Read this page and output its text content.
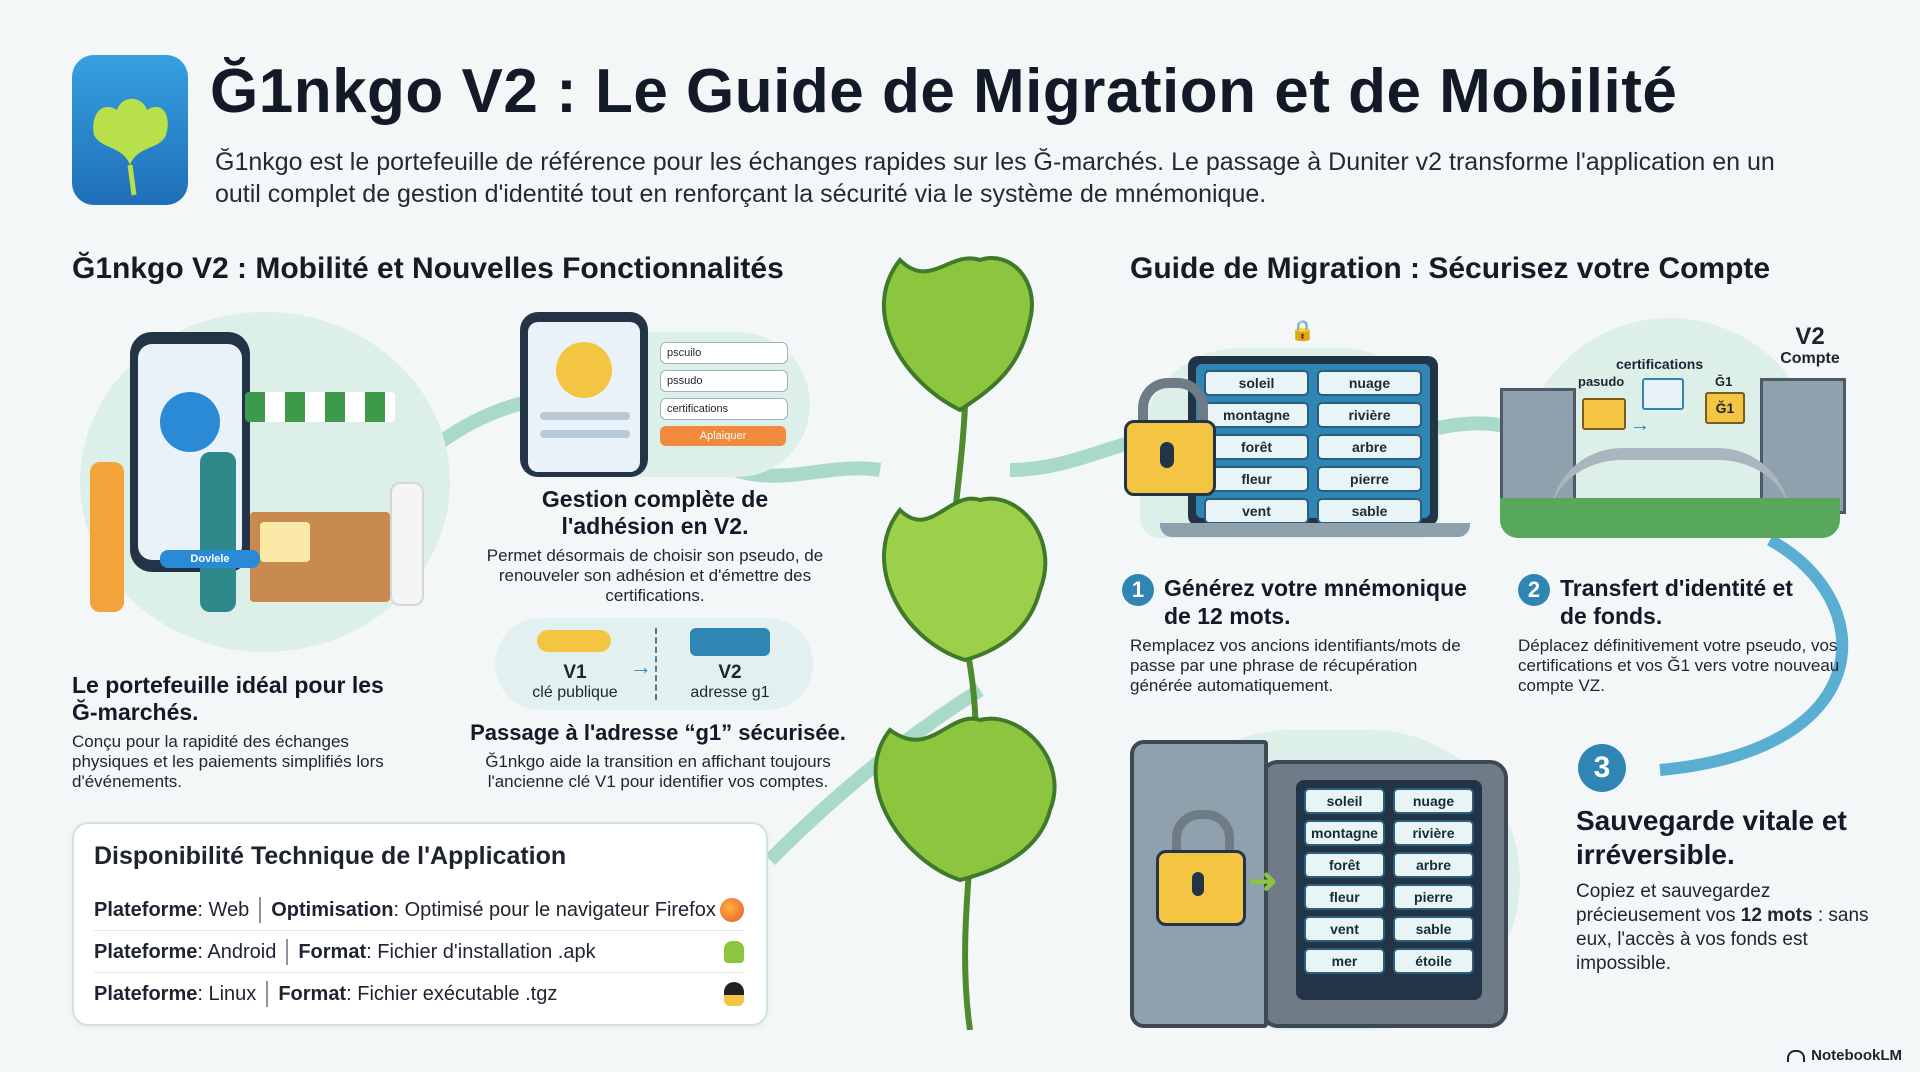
Ğ1nkgo V2 : Le Guide de Migration et de Mobilité
Ğ1nkgo est le portefeuille de référence pour les échanges rapides sur les Ğ-marchés. Le passage à Duniter v2 transforme l'application en un outil complet de gestion d'identité tout en renforçant la sécurité via le système de mnémonique.
Ğ1nkgo V2 : Mobilité et Nouvelles Fonctionnalités
Dovlele
Le portefeuille idéal pour les Ğ-marchés.
Conçu pour la rapidité des échanges physiques et les paiements simplifiés lors d'événements.
pscuilo
pssudo
certifications
Aplaiquer
Gestion complète de l'adhésion en V2.
Permet désormais de choisir son pseudo, de renouveler son adhésion et d'émettre des certifications.
V1
clé publique
→	V2
adresse g1
Passage à l'adresse “g1” sécurisée.
Ğ1nkgo aide la transition en affichant toujours l'ancienne clé V1 pour identifier vos comptes.
Disponibilité Technique de l'Application
Plateforme : Web Optimisation : Optimisé pour le navigateur Firefox
Plateforme : Android Format : Fichier d'installation .apk
Plateforme : Linux Format : Fichier exécutable .tgz
Guide de Migration : Sécurisez votre Compte
🔒
soleil	nuage
montagne	rivière
forêt	arbre
fleur	pierre
vent	sable
certifications
pasudo	Ğ1
Ğ1
→
V2
Compte
1 Générez votre mnémonique de 12 mots.
Remplacez vos ancions identifiants/mots de passe par une phrase de récupération générée automatiquement.
2 Transfert d'identité et de fonds.
Déplacez définitivement votre pseudo, vos certifications et vos Ğ1 vers votre nouveau compte VZ.
➜
soleil	nuage
montagne	rivière
forêt	arbre
fleur	pierre
vent	sable
mer	étoile
3
Sauvegarde vitale et irréversible.
Copiez et sauvegardez précieusement vos 12 mots : sans eux, l'accès à vos fonds est impossible.
NotebookLM
